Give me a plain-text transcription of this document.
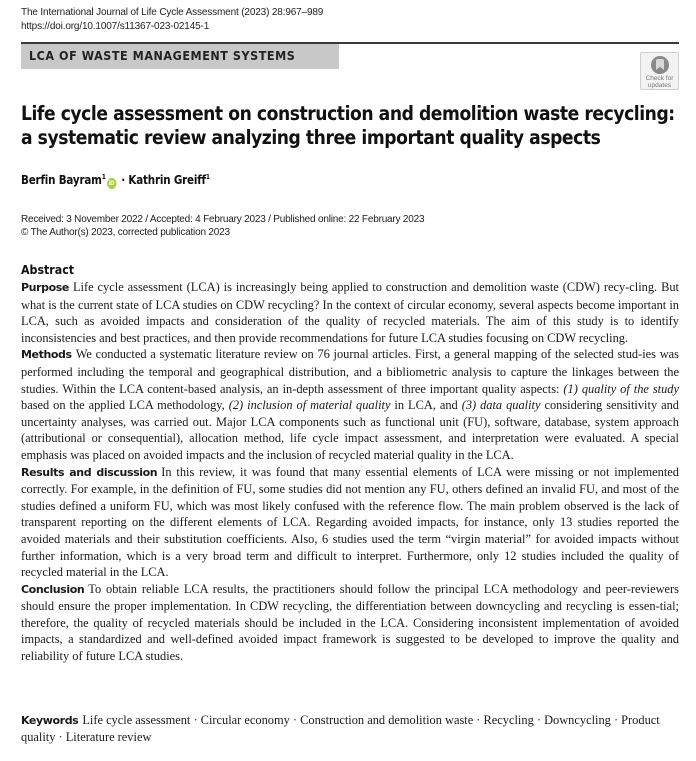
The International Journal of Life Cycle Assessment (2023) 28:967–989
https://doi.org/10.1007/s11367-023-02145-1
LCA OF WASTE MANAGEMENT SYSTEMS
Check for
updates
Life cycle assessment on construction and demolition waste recycling:
a systematic review analyzing three important quality aspects
Berfin Bayram$^1$iD · Kathrin Greiff$^1$
Received: 3 November 2022 / Accepted: 4 February 2023 / Published online: 22 February 2023
© The Author(s) 2023, corrected publication 2023
Abstract

Purpose Life cycle assessment (LCA) is increasingly being applied to construction and demolition waste (CDW) recy-cling. But what is the current state of LCA studies on CDW recycling? In the context of circular economy, several aspects become important in LCA, such as avoided impacts and consideration of the quality of recycled materials. The aim of this study is to identify inconsistencies and best practices, and then provide recommendations for future LCA studies focusing on CDW recycling.

Methods We conducted a systematic literature review on 76 journal articles. First, a general mapping of the selected stud-ies was performed including the temporal and geographical distribution, and a bibliometric analysis to capture the linkages between the studies. Within the LCA content-based analysis, an in-depth assessment of three important quality aspects: (1) quality of the study based on the applied LCA methodology, (2) inclusion of material quality in LCA, and (3) data quality considering sensitivity and uncertainty analyses, was carried out. Major LCA components such as functional unit (FU), software, database, system approach (attributional or consequential), allocation method, life cycle impact assessment, and interpretation were evaluated. A special emphasis was placed on avoided impacts and the inclusion of recycled material quality in the LCA.

Results and discussion In this review, it was found that many essential elements of LCA were missing or not implemented correctly. For example, in the definition of FU, some studies did not mention any FU, others defined an invalid FU, and most of the studies defined a uniform FU, which was most likely confused with the reference flow. The main problem observed is the lack of transparent reporting on the different elements of LCA. Regarding avoided impacts, for instance, only 13 studies reported the avoided materials and their substitution coefficients. Also, 6 studies used the term “virgin material” for avoided impacts without further information, which is a very broad term and difficult to interpret. Furthermore, only 12 studies included the quality of recycled material in the LCA.

Conclusion To obtain reliable LCA results, the practitioners should follow the principal LCA methodology and peer-reviewers should ensure the proper implementation. In CDW recycling, the differentiation between downcycling and recycling is essen-tial; therefore, the quality of recycled materials should be included in the LCA. Considering inconsistent implementation of avoided impacts, a standardized and well-defined avoided impact framework is suggested to be developed to improve the quality and reliability of future LCA studies.

Keywords Life cycle assessment · Circular economy · Construction and demolition waste · Recycling · Downcycling · Product quality · Literature review
